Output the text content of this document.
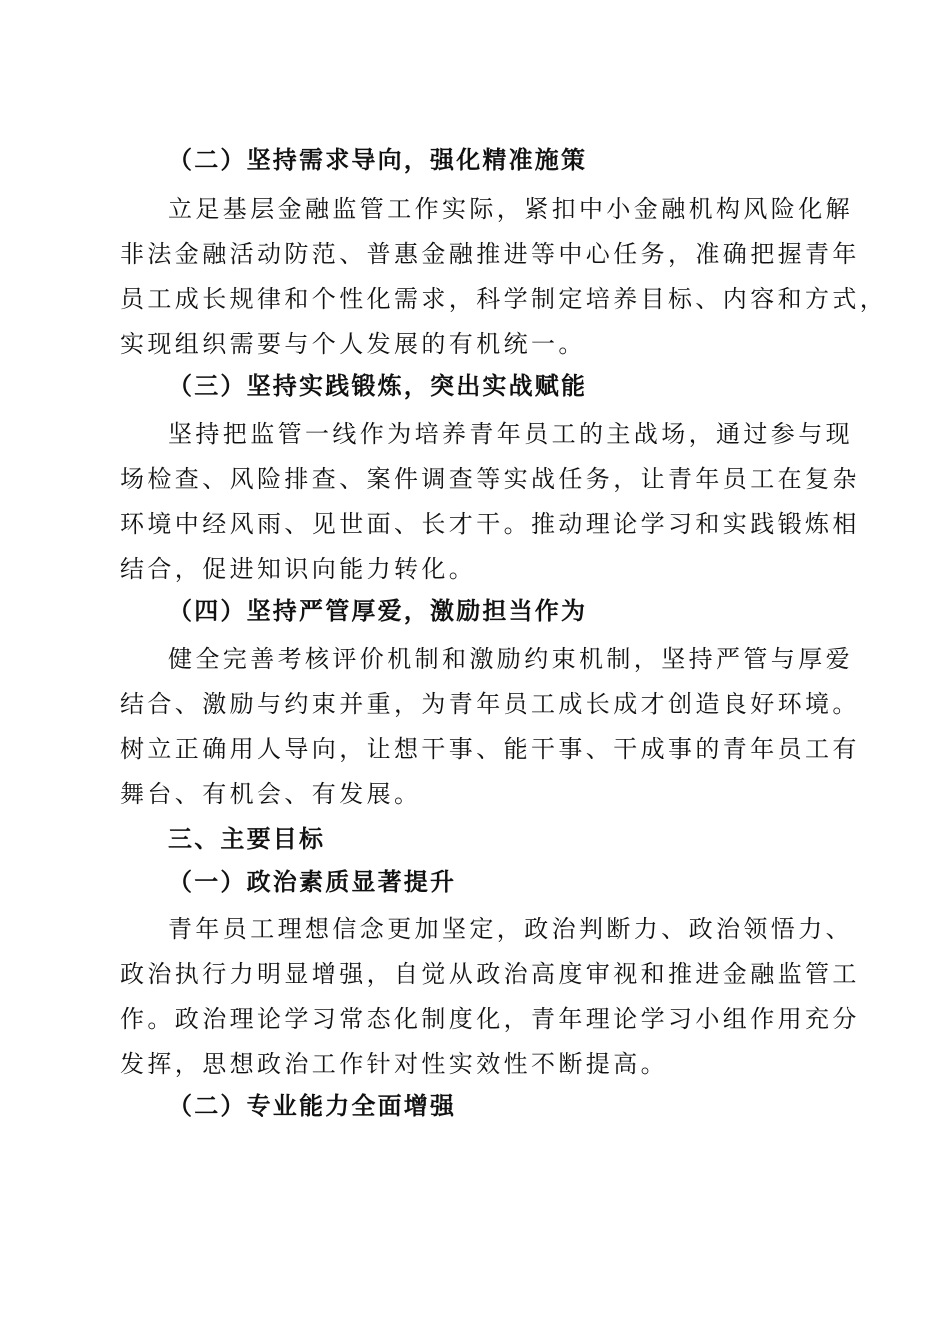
（二）坚持需求导向，强化精准施策
立足基层金融监管工作实际，紧扣中小金融机构风险化解
非法金融活动防范、普惠金融推进等中心任务，准确把握青年
员工成长规律和个性化需求，科学制定培养目标、内容和方式，
实现组织需要与个人发展的有机统一。
（三）坚持实践锻炼，突出实战赋能
坚持把监管一线作为培养青年员工的主战场，通过参与现
场检查、风险排查、案件调查等实战任务，让青年员工在复杂
环境中经风雨、见世面、长才干。推动理论学习和实践锻炼相
结合，促进知识向能力转化。
（四）坚持严管厚爱，激励担当作为
健全完善考核评价机制和激励约束机制，坚持严管与厚爱
结合、激励与约束并重，为青年员工成长成才创造良好环境。
树立正确用人导向，让想干事、能干事、干成事的青年员工有
舞台、有机会、有发展。
三、主要目标
（一）政治素质显著提升
青年员工理想信念更加坚定，政治判断力、政治领悟力、
政治执行力明显增强，自觉从政治高度审视和推进金融监管工
作。政治理论学习常态化制度化，青年理论学习小组作用充分
发挥，思想政治工作针对性实效性不断提高。
（二）专业能力全面增强
